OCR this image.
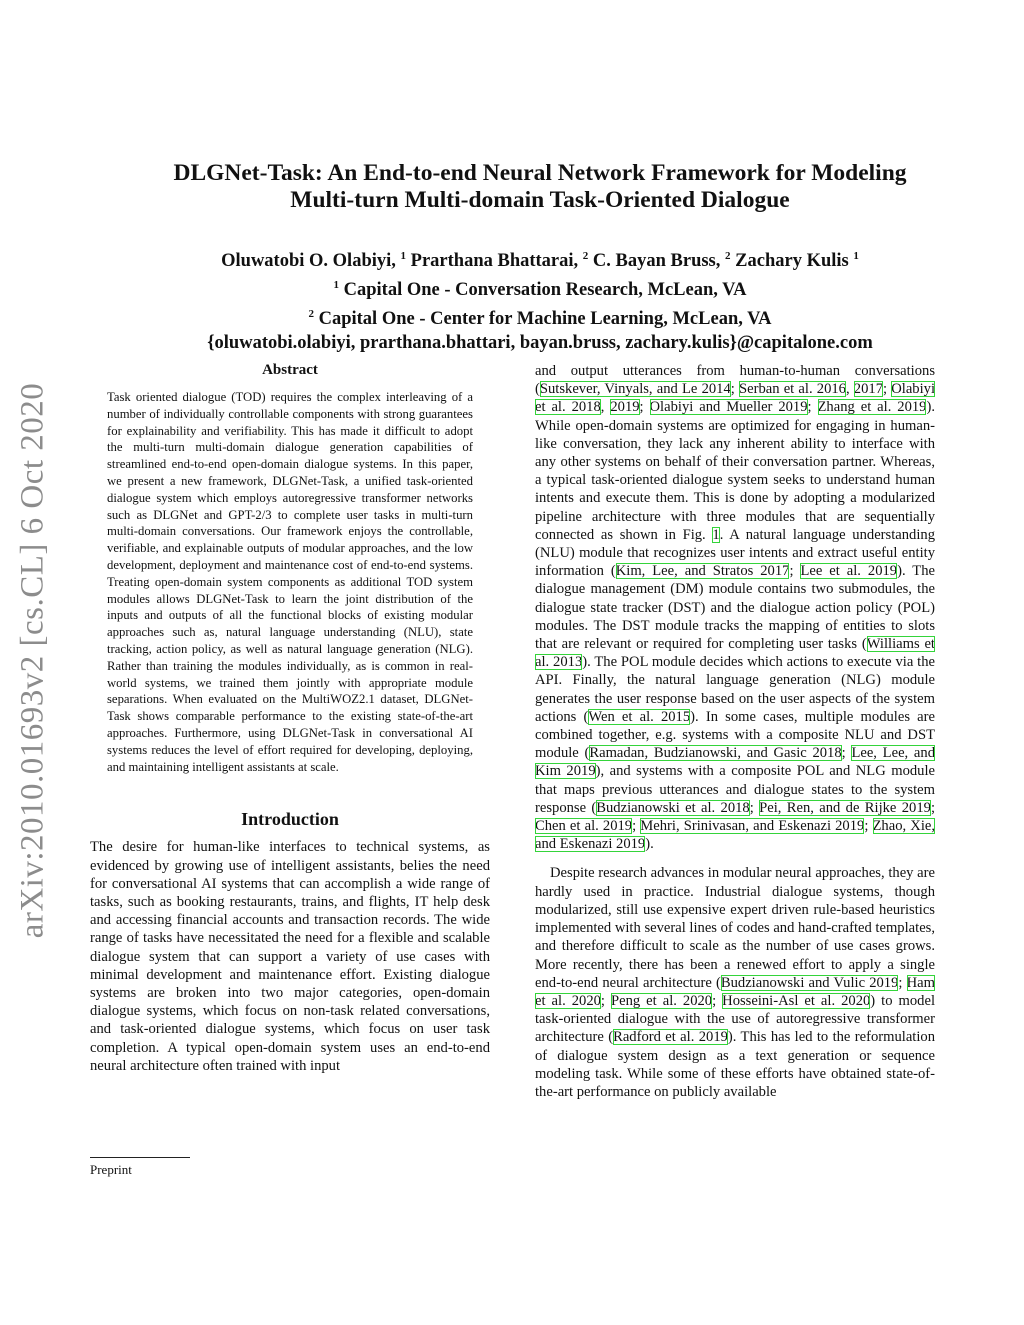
arXiv:2010.01693v2 [cs.CL] 6 Oct 2020
DLGNet-Task: An End-to-end Neural Network Framework for Modeling
Multi-turn Multi-domain Task-Oriented Dialogue
Oluwatobi O. Olabiyi, $^1$ Prarthana Bhattarai, $^2$ C. Bayan Bruss, $^2$ Zachary Kulis $^1$
$^1$ Capital One - Conversation Research, McLean, VA
$^2$ Capital One - Center for Machine Learning, McLean, VA
{oluwatobi.olabiyi, prarthana.bhattari, bayan.bruss, zachary.kulis}@capitalone.com
Abstract

Task oriented dialogue (TOD) requires the complex interleaving of a number of individually controllable components with strong guarantees for explainability and verifiability. This has made it difficult to adopt the multi-turn multi-domain dialogue generation capabilities of streamlined end-to-end open-domain dialogue systems. In this paper, we present a new framework, DLGNet-Task, a unified task-oriented dialogue system which employs autoregressive transformer networks such as DLGNet and GPT-2/3 to complete user tasks in multi-turn multi-domain conversations. Our framework enjoys the controllable, verifiable, and explainable outputs of modular approaches, and the low development, deployment and maintenance cost of end-to-end systems. Treating open-domain system components as additional TOD system modules allows DLGNet-Task to learn the joint distribution of the inputs and outputs of all the functional blocks of existing modular approaches such as, natural language understanding (NLU), state tracking, action policy, as well as natural language generation (NLG). Rather than training the modules individually, as is common in real-world systems, we trained them jointly with appropriate module separations. When evaluated on the MultiWOZ2.1 dataset, DLGNet-Task shows comparable performance to the existing state-of-the-art approaches. Furthermore, using DLGNet-Task in conversational AI systems reduces the level of effort required for developing, deploying, and maintaining intelligent assistants at scale.

Introduction

The desire for human-like interfaces to technical systems, as evidenced by growing use of intelligent assistants, belies the need for conversational AI systems that can accomplish a wide range of tasks, such as booking restaurants, trains, and flights, IT help desk and accessing financial accounts and transaction records. The wide range of tasks have necessitated the need for a flexible and scalable dialogue system that can support a variety of use cases with minimal development and maintenance effort. Existing dialogue systems are broken into two major categories, open-domain dialogue systems, which focus on non-task related conversations, and task-oriented dialogue systems, which focus on user task completion. A typical open-domain system uses an end-to-end neural architecture often trained with input

and output utterances from human-to-human conversations (Sutskever, Vinyals, and Le 2014; Serban et al. 2016, 2017; Olabiyi et al. 2018, 2019; Olabiyi and Mueller 2019; Zhang et al. 2019). While open-domain systems are optimized for engaging in human-like conversation, they lack any inherent ability to interface with any other systems on behalf of their conversation partner. Whereas, a typical task-oriented dialogue system seeks to understand human intents and execute them. This is done by adopting a modularized pipeline architecture with three modules that are sequentially connected as shown in Fig. 1. A natural language understanding (NLU) module that recognizes user intents and extract useful entity information (Kim, Lee, and Stratos 2017; Lee et al. 2019). The dialogue management (DM) module contains two submodules, the dialogue state tracker (DST) and the dialogue action policy (POL) modules. The DST module tracks the mapping of entities to slots that are relevant or required for completing user tasks (Williams et al. 2013). The POL module decides which actions to execute via the API. Finally, the natural language generation (NLG) module generates the user response based on the user aspects of the system actions (Wen et al. 2015). In some cases, multiple modules are combined together, e.g. systems with a composite NLU and DST module (Ramadan, Budzianowski, and Gasic 2018; Lee, Lee, and Kim 2019), and systems with a composite POL and NLG module that maps previous utterances and dialogue states to the system response (Budzianowski et al. 2018; Pei, Ren, and de Rijke 2019; Chen et al. 2019; Mehri, Srinivasan, and Eskenazi 2019; Zhao, Xie, and Eskenazi 2019).

Despite research advances in modular neural approaches, they are hardly used in practice. Industrial dialogue systems, though modularized, still use expensive expert driven rule-based heuristics implemented with several lines of codes and hand-crafted templates, and therefore difficult to scale as the number of use cases grows. More recently, there has been a renewed effort to apply a single end-to-end neural architecture (Budzianowski and Vulic 2019; Ham et al. 2020; Peng et al. 2020; Hosseini-Asl et al. 2020) to model task-oriented dialogue with the use of autoregressive transformer architecture (Radford et al. 2019). This has led to the reformulation of dialogue system design as a text generation or sequence modeling task. While some of these efforts have obtained state-of-the-art performance on publicly available

Preprint
